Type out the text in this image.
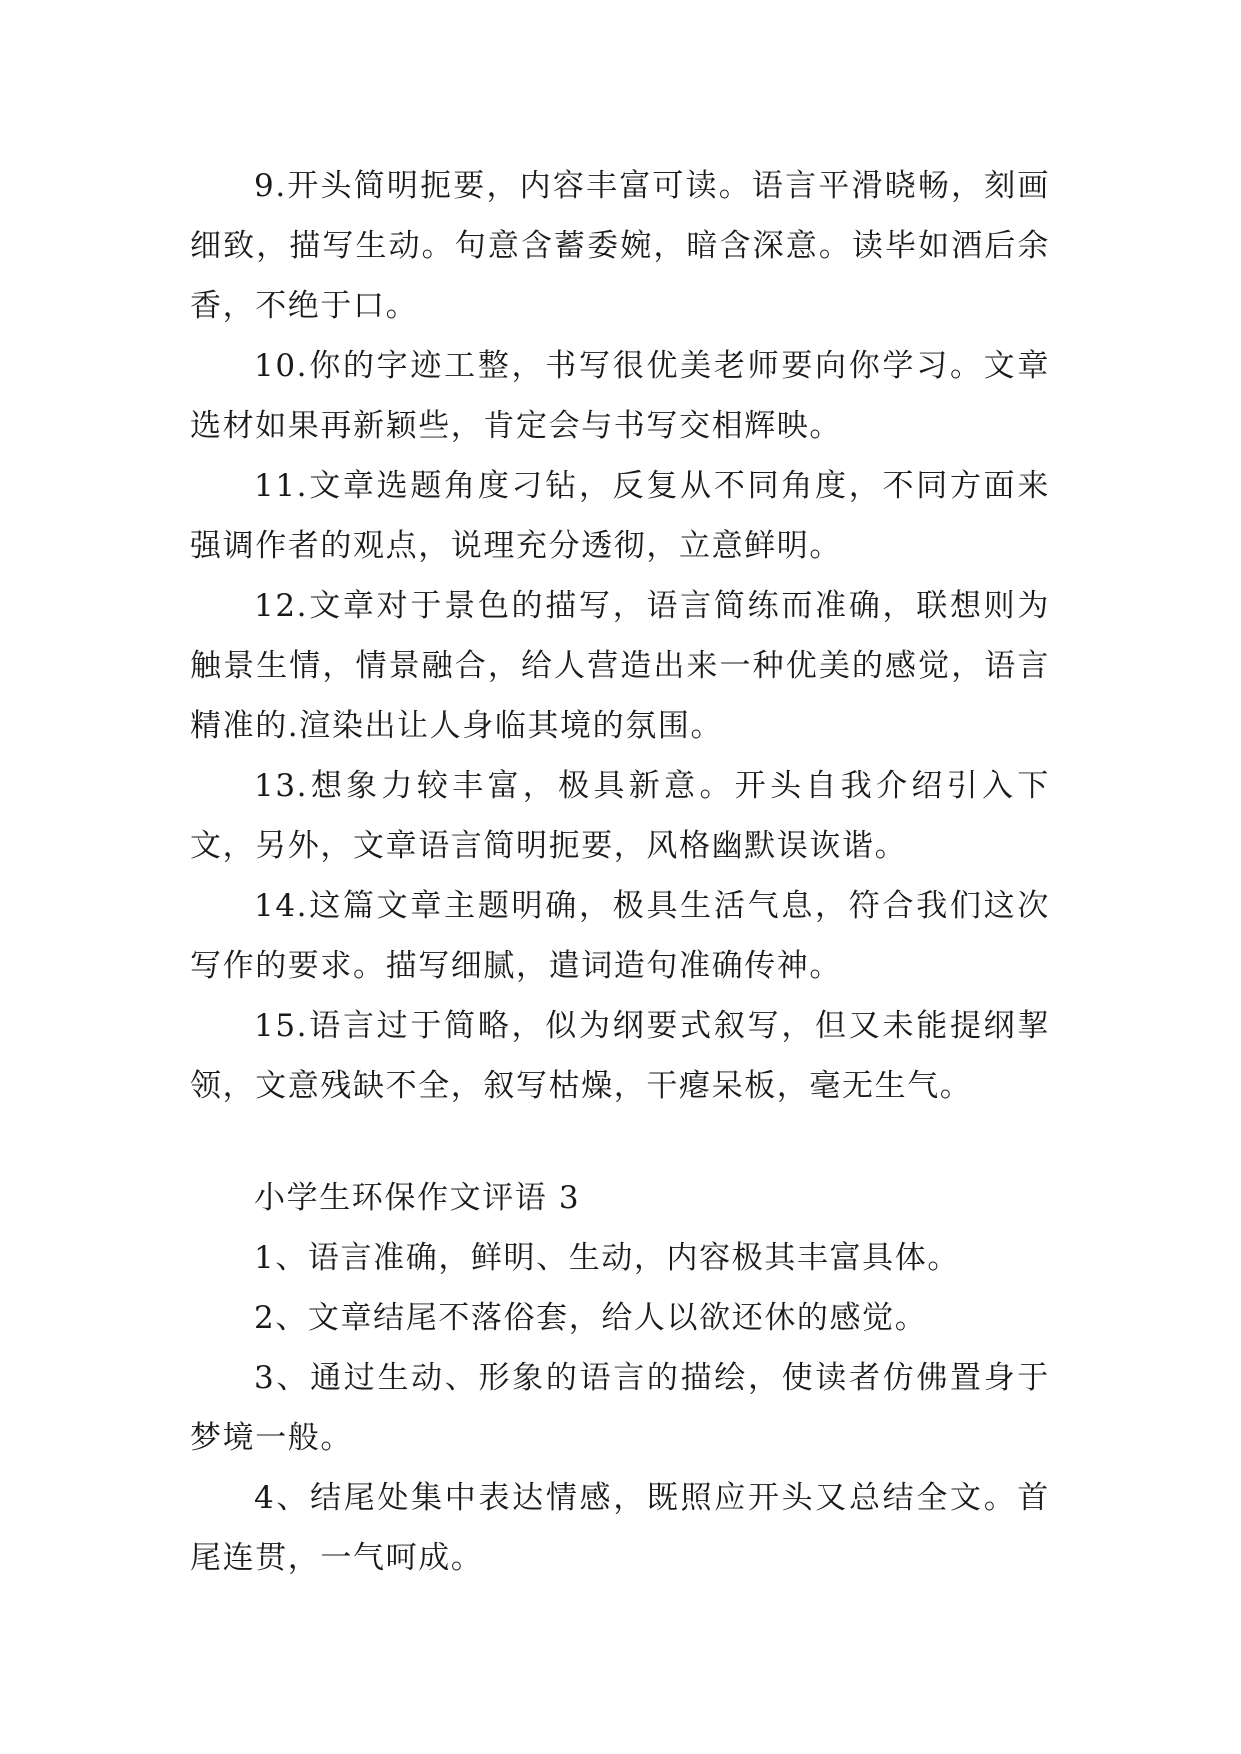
9.开头简明扼要，内容丰富可读。语言平滑晓畅，刻画细致，描写生动。句意含蓄委婉，暗含深意。读毕如酒后余香，不绝于口。

10.你的字迹工整，书写很优美老师要向你学习。文章选材如果再新颖些，肯定会与书写交相辉映。

11.文章选题角度刁钻，反复从不同角度，不同方面来强调作者的观点，说理充分透彻，立意鲜明。

12.文章对于景色的描写，语言简练而准确，联想则为触景生情，情景融合，给人营造出来一种优美的感觉，语言精准的.渲染出让人身临其境的氛围。

13.想象力较丰富，极具新意。开头自我介绍引入下文，另外，文章语言简明扼要，风格幽默误诙谐。

14.这篇文章主题明确，极具生活气息，符合我们这次写作的要求。描写细腻，遣词造句准确传神。

15.语言过于简略，似为纲要式叙写，但又未能提纲挈领，文意残缺不全，叙写枯燥，干瘪呆板，毫无生气。

小学生环保作文评语 3

1、语言准确，鲜明、生动，内容极其丰富具体。

2、文章结尾不落俗套，给人以欲还休的感觉。

3、通过生动、形象的语言的描绘，使读者仿佛置身于梦境一般。

4、结尾处集中表达情感，既照应开头又总结全文。首尾连贯，一气呵成。
